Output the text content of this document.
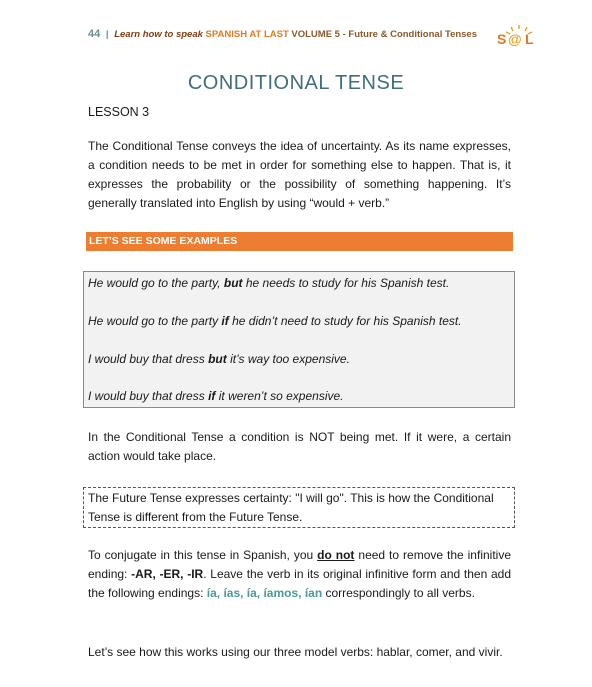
44 | Learn how to speak SPANISH AT LAST VOLUME 5 - Future & Conditional Tenses	S @ L
CONDITIONAL TENSE
LESSON 3
The Conditional Tense conveys the idea of uncertainty. As its name expresses, a condition needs to be met in order for something else to happen. That is, it expresses the probability or the possibility of something happening. It’s generally translated into English by using “would + verb.”
LET’S SEE SOME EXAMPLES
He would go to the party, but he needs to study for his Spanish test.
He would go to the party if he didn’t need to study for his Spanish test.
I would buy that dress but it’s way too expensive.
I would buy that dress if it weren’t so expensive.
In the Conditional Tense a condition is NOT being met. If it were, a certain action would take place.
The Future Tense expresses certainty: "I will go". This is how the Conditional Tense is different from the Future Tense.
To conjugate in this tense in Spanish, you do not need to remove the infinitive ending: -AR, -ER, -IR. Leave the verb in its original infinitive form and then add the following endings: ía, ías, ía, íamos, ían correspondingly to all verbs.
Let’s see how this works using our three model verbs: hablar, comer, and vivir.
